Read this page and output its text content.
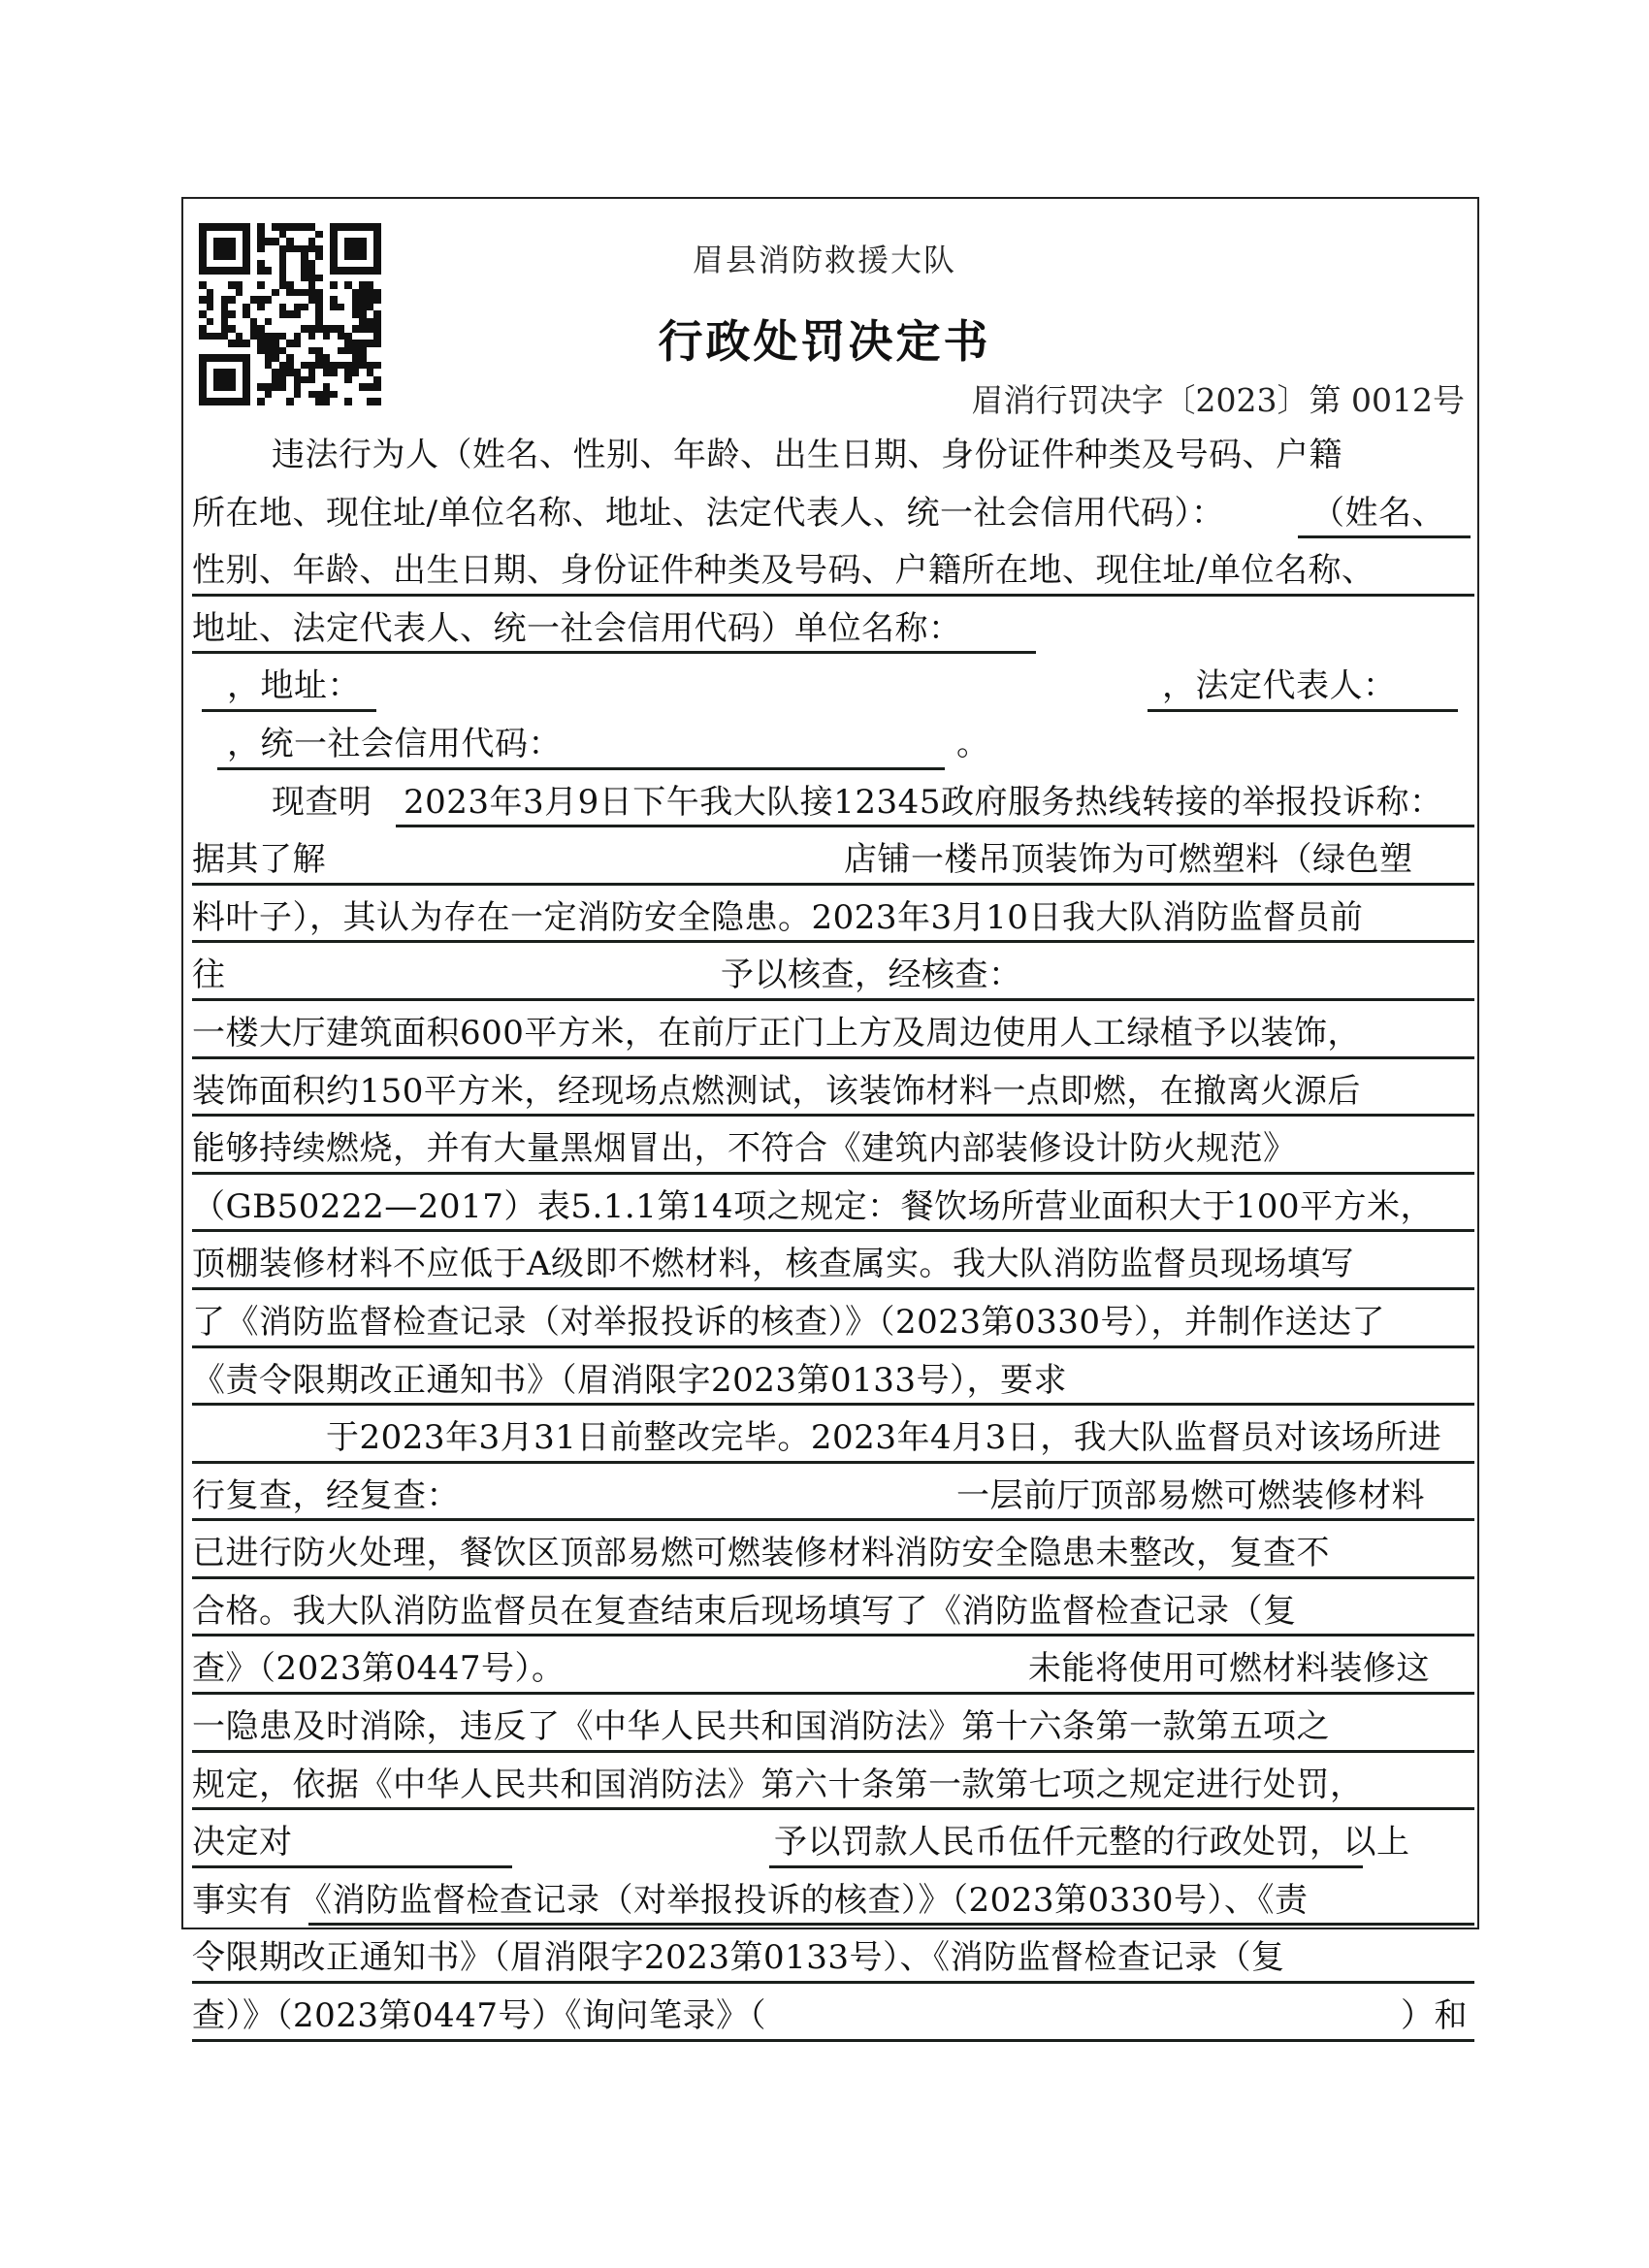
眉县消防救援大队
行政处罚决定书
眉消行罚决字〔2023〕第 0012号
违法行为人（姓名、性别、年龄、出生日期、身份证件种类及号码、户籍
所在地、现住址/单位名称、地址、法定代表人、统一社会信用代码）：	（姓名、
性别、年龄、出生日期、身份证件种类及号码、户籍所在地、现住址/单位名称、
地址、法定代表人、统一社会信用代码）单位名称：
，地址：	，法定代表人：
，统一社会信用代码：	。
现查明 2023年3月9日下午我大队接12345政府服务热线转接的举报投诉称：
据其了解	店铺一楼吊顶装饰为可燃塑料（绿色塑
料叶子），其认为存在一定消防安全隐患。2023年3月10日我大队消防监督员前
往	予以核查，经核查：
一楼大厅建筑面积600平方米，在前厅正门上方及周边使用人工绿植予以装饰，
装饰面积约150平方米，经现场点燃测试，该装饰材料一点即燃，在撤离火源后
能够持续燃烧，并有大量黑烟冒出，不符合《建筑内部装修设计防火规范》
（GB50222—2017）表5.1.1第14项之规定：餐饮场所营业面积大于100平方米，
顶棚装修材料不应低于A级即不燃材料，核查属实。我大队消防监督员现场填写
了《消防监督检查记录（对举报投诉的核查）》（2023第0330号），并制作送达了
《责令限期改正通知书》（眉消限字2023第0133号），要求
于2023年3月31日前整改完毕。2023年4月3日，我大队监督员对该场所进
行复查，经复查：	一层前厅顶部易燃可燃装修材料
已进行防火处理，餐饮区顶部易燃可燃装修材料消防安全隐患未整改，复查不
合格。我大队消防监督员在复查结束后现场填写了《消防监督检查记录（复
查》（2023第0447号）。	未能将使用可燃材料装修这
一隐患及时消除，违反了《中华人民共和国消防法》第十六条第一款第五项之
规定，依据《中华人民共和国消防法》第六十条第一款第七项之规定进行处罚，
决定对	予以罚款人民币伍仟元整的行政处罚，以上
事实有 《消防监督检查记录（对举报投诉的核查）》（2023第0330号）、《责
令限期改正通知书》（眉消限字2023第0133号）、《消防监督检查记录（复
查）》（2023第0447号）《询问笔录》（	）和
